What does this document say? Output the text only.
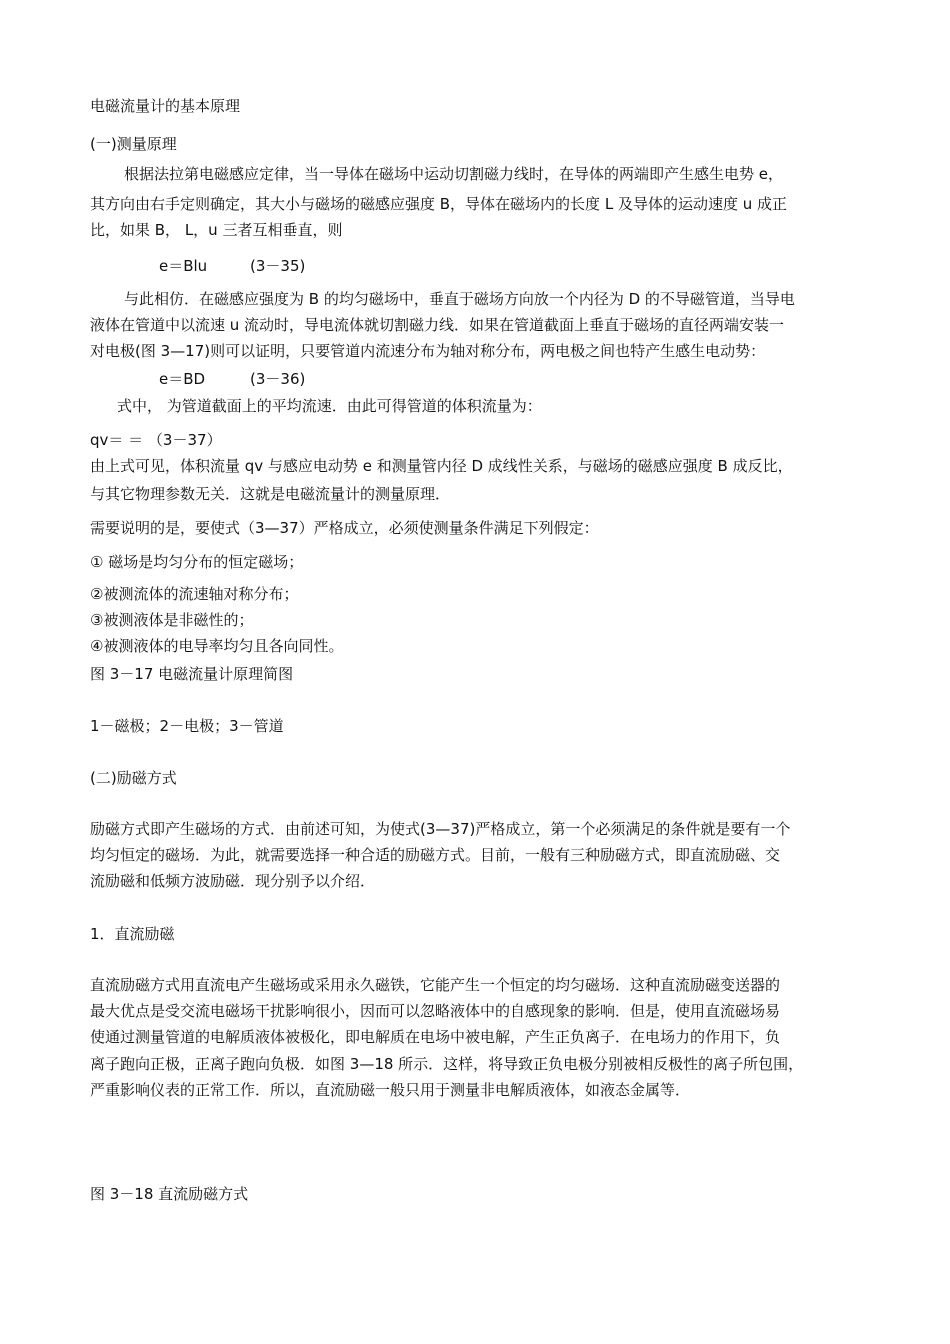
电磁流量计的基本原理
(一)测量原理
根据法拉第电磁感应定律，当一导体在磁场中运动切割磁力线时，在导体的两端即产生感生电势 e，
其方向由右手定则确定，其大小与磁场的磁感应强度 B，导体在磁场内的长度 L 及导体的运动速度 u 成正
比，如果 B， L，u 三者互相垂直，则
e＝Blu	(3－35)
与此相仿．在磁感应强度为 B 的均匀磁场中，垂直于磁场方向放一个内径为 D 的不导磁管道，当导电
液体在管道中以流速 u 流动时，导电流体就切割磁力线．如果在管道截面上垂直于磁场的直径两端安装一
对电极(图 3—17)则可以证明，只要管道内流速分布为轴对称分布，两电极之间也特产生感生电动势：
e＝BD	(3－36)
式中， 为管道截面上的平均流速．由此可得管道的体积流量为：
qv＝ ＝ （3－37）
由上式可见，体积流量 qv 与感应电动势 e 和测量管内径 D 成线性关系，与磁场的磁感应强度 B 成反比，
与其它物理参数无关．这就是电磁流量计的测量原理．
需要说明的是，要使式（3—37）严格成立，必须使测量条件满足下列假定：
① 磁场是均匀分布的恒定磁场；
②被测流体的流速轴对称分布；
③被测液体是非磁性的；
④被测液体的电导率均匀且各向同性。
图 3－17 电磁流量计原理简图
1－磁极；2－电极；3－管道
(二)励磁方式
励磁方式即产生磁场的方式．由前述可知，为使式(3—37)严格成立，第一个必须满足的条件就是要有一个
均匀恒定的磁场．为此，就需要选择一种合适的励磁方式。目前，一般有三种励磁方式，即直流励磁、交
流励磁和低频方波励磁．现分别予以介绍．
1．直流励磁
直流励磁方式用直流电产生磁场或采用永久磁铁，它能产生一个恒定的均匀磁场．这种直流励磁变送器的
最大优点是受交流电磁场干扰影响很小，因而可以忽略液体中的自感现象的影响．但是，使用直流磁场易
使通过测量管道的电解质液体被极化，即电解质在电场中被电解，产生正负离子．在电场力的作用下，负
离子跑向正极，正离子跑向负极．如图 3—18 所示．这样，将导致正负电极分别被相反极性的离子所包围，
严重影响仪表的正常工作．所以，直流励磁一般只用于测量非电解质液体，如液态金属等．
图 3－18 直流励磁方式
